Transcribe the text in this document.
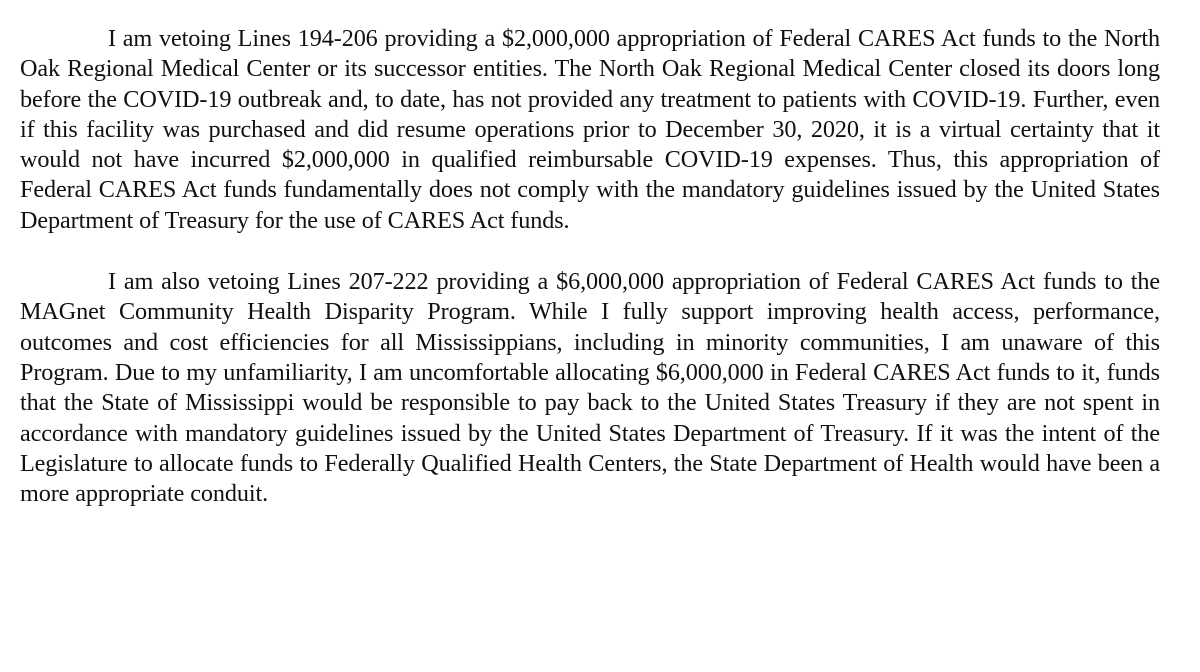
I am vetoing Lines 194-206 providing a $2,000,000 appropriation of Federal CARES Act funds to the North Oak Regional Medical Center or its successor entities. The North Oak Regional Medical Center closed its doors long before the COVID-19 outbreak and, to date, has not provided any treatment to patients with COVID-19. Further, even if this facility was purchased and did resume operations prior to December 30, 2020, it is a virtual certainty that it would not have incurred $2,000,000 in qualified reimbursable COVID-19 expenses. Thus, this appropriation of Federal CARES Act funds fundamentally does not comply with the mandatory guidelines issued by the United States Department of Treasury for the use of CARES Act funds.

I am also vetoing Lines 207-222 providing a $6,000,000 appropriation of Federal CARES Act funds to the MAGnet Community Health Disparity Program. While I fully support improving health access, performance, outcomes and cost efficiencies for all Mississippians, including in minority communities, I am unaware of this Program. Due to my unfamiliarity, I am uncomfortable allocating $6,000,000 in Federal CARES Act funds to it, funds that the State of Mississippi would be responsible to pay back to the United States Treasury if they are not spent in accordance with mandatory guidelines issued by the United States Department of Treasury. If it was the intent of the Legislature to allocate funds to Federally Qualified Health Centers, the State Department of Health would have been a more appropriate conduit.
